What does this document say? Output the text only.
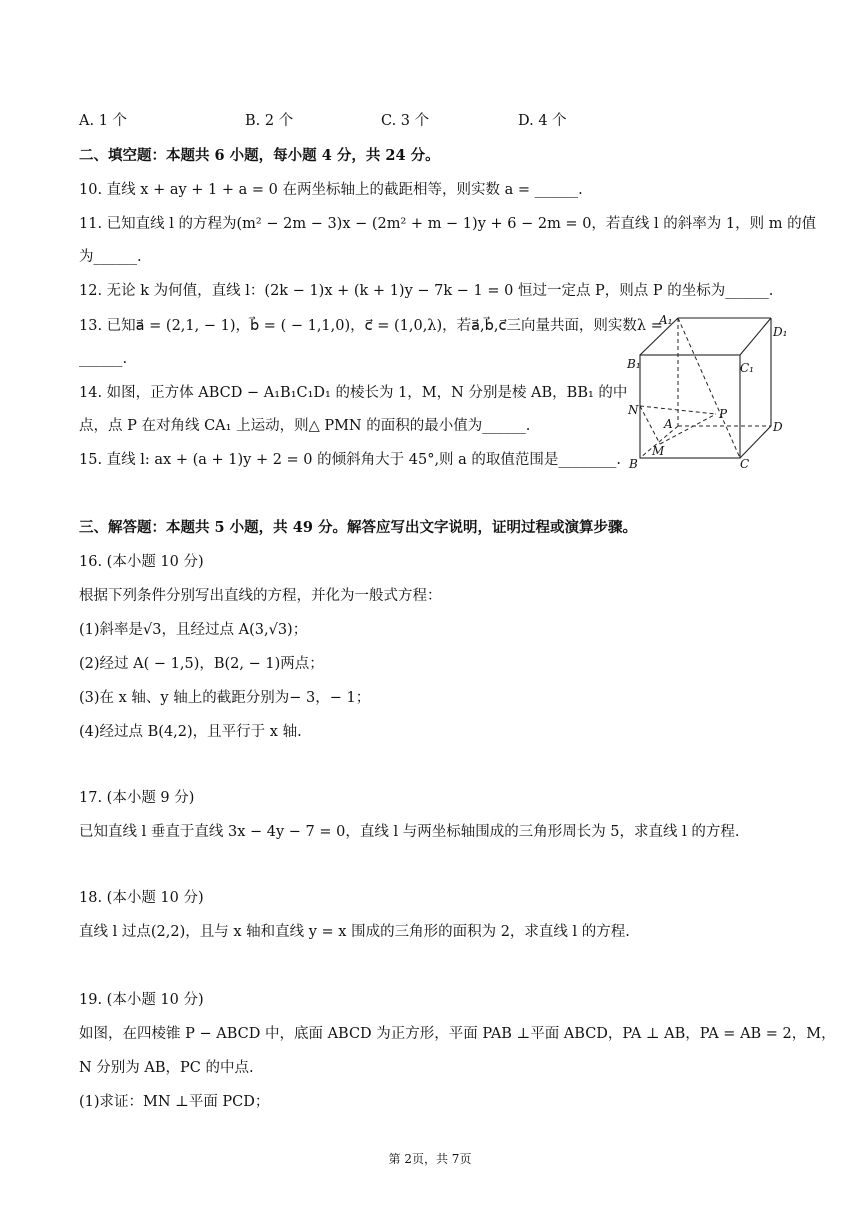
A. 1 个	B. 2 个	C. 3 个	D. 4 个
二、填空题：本题共 6 小题，每小题 4 分，共 24 分。
10. 直线 x + ay + 1 + a = 0 在两坐标轴上的截距相等，则实数 a = ______.
11. 已知直线 l 的方程为(m² − 2m − 3)x − (2m² + m − 1)y + 6 − 2m = 0，若直线 l 的斜率为 1，则 m 的值
为______.
12. 无论 k 为何值，直线 l：(2k − 1)x + (k + 1)y − 7k − 1 = 0 恒过一定点 P，则点 P 的坐标为______.
13. 已知a⃗ = (2,1, − 1)，b⃗ = ( − 1,1,0)，c⃗ = (1,0,λ)，若a⃗,b⃗,c⃗三向量共面，则实数λ =
______.
14. 如图，正方体 ABCD − A₁B₁C₁D₁ 的棱长为 1，M，N 分别是棱 AB，BB₁ 的中
点，点 P 在对角线 CA₁ 上运动，则△ PMN 的面积的最小值为______.
15. 直线 l: ax + (a + 1)y + 2 = 0 的倾斜角大于 45°,则 a 的取值范围是________.
A₁
D₁
B₁	C₁
N	P
A	D
M
B	C
三、解答题：本题共 5 小题，共 49 分。解答应写出文字说明，证明过程或演算步骤。
16. (本小题 10 分)
根据下列条件分别写出直线的方程，并化为一般式方程：
(1)斜率是√3，且经过点 A(3,√3)；
(2)经过 A( − 1,5)，B(2, − 1)两点；
(3)在 x 轴、y 轴上的截距分别为− 3，− 1；
(4)经过点 B(4,2)，且平行于 x 轴.
17. (本小题 9 分)
已知直线 l 垂直于直线 3x − 4y − 7 = 0，直线 l 与两坐标轴围成的三角形周长为 5，求直线 l 的方程.
18. (本小题 10 分)
直线 l 过点(2,2)，且与 x 轴和直线 y = x 围成的三角形的面积为 2，求直线 l 的方程.
19. (本小题 10 分)
如图，在四棱锥 P − ABCD 中，底面 ABCD 为正方形，平面 PAB ⊥平面 ABCD，PA ⊥ AB，PA = AB = 2，M，
N 分别为 AB，PC 的中点.
(1)求证：MN ⊥平面 PCD；
第 2页，共 7页
